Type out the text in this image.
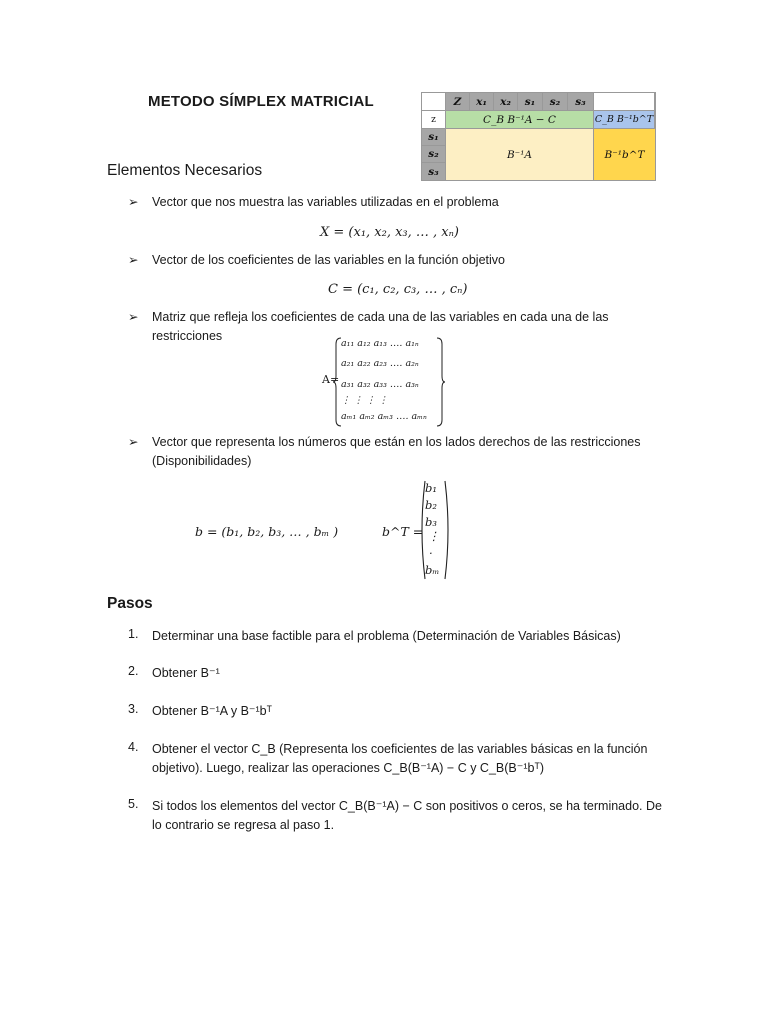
METODO SÍMPLEX MATRICIAL	Z	x₁	x₂	s₁	s₂	s₃
z	C_B B⁻¹A − C	C_B B⁻¹b^T
s₁
s₂
s₃
B⁻¹A	B⁻¹b^T
Elementos Necesarios
➢ Vector que nos muestra las variables utilizadas en el problema
X = (x₁, x₂, x₃, … , xₙ)
➢ Vector de los coeficientes de las variables en la función objetivo
C = (c₁, c₂, c₃, … , cₙ)
➢ Matriz que refleja los coeficientes de cada una de las variables en cada una de las restricciones
A=
a₁₁ a₁₂ a₁₃ …. a₁ₙ
a₂₁ a₂₂ a₂₃ …. a₂ₙ
a₃₁ a₃₂ a₃₃ …. a₃ₙ
⋮ ⋮ ⋮ ⋮
aₘ₁ aₘ₂ aₘ₃ …. aₘₙ
➢ Vector que representa los números que están en los lados derechos de las restricciones (Disponibilidades)
b = (b₁, b₂, b₃, … , bₘ )	b^T =
b₁
b₂
b₃
⋮
.
bₘ
Pasos
1. Determinar una base factible para el problema (Determinación de Variables Básicas)
2. Obtener B⁻¹
3. Obtener B⁻¹A y B⁻¹bᵀ
4. Obtener el vector C_B (Representa los coeficientes de las variables básicas en la función objetivo). Luego, realizar las operaciones C_B(B⁻¹A) − C y C_B(B⁻¹bᵀ)
5. Si todos los elementos del vector C_B(B⁻¹A) − C son positivos o ceros, se ha terminado. De lo contrario se regresa al paso 1.
